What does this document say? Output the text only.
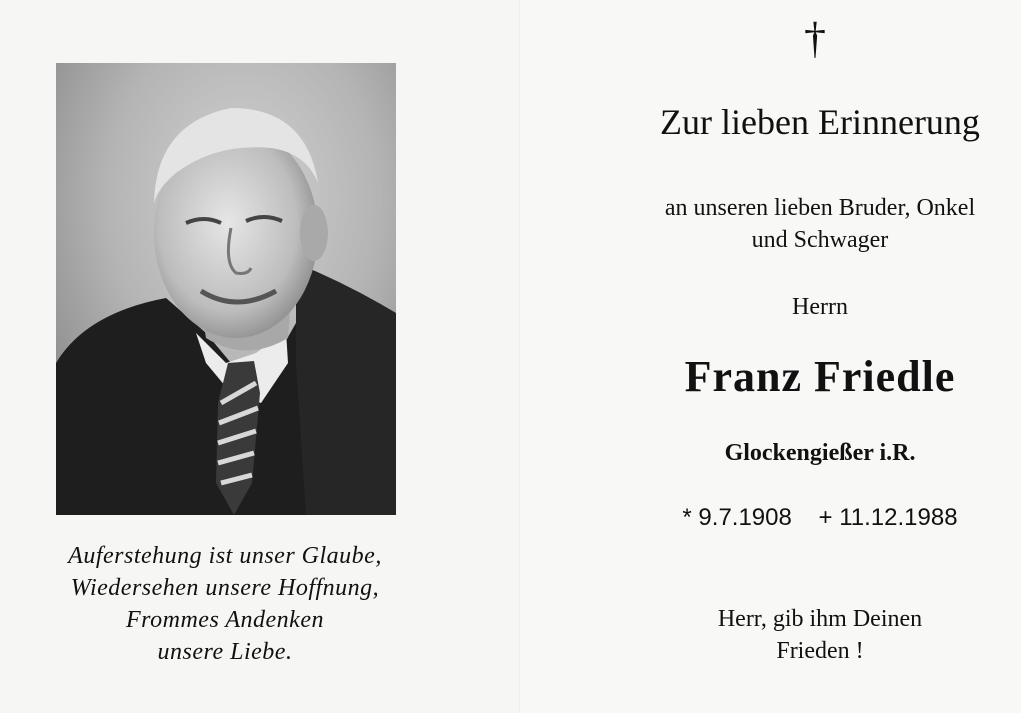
Auferstehung ist unser Glaube,
Wiedersehen unsere Hoffnung,
Frommes Andenken
unsere Liebe.
†
Zur lieben Erinnerung
an unseren lieben Bruder, Onkel
und Schwager
Herrn
Franz Friedle
Glockengießer i.R.
* 9.7.1908 + 11.12.1988
Herr, gib ihm Deinen
Frieden !
